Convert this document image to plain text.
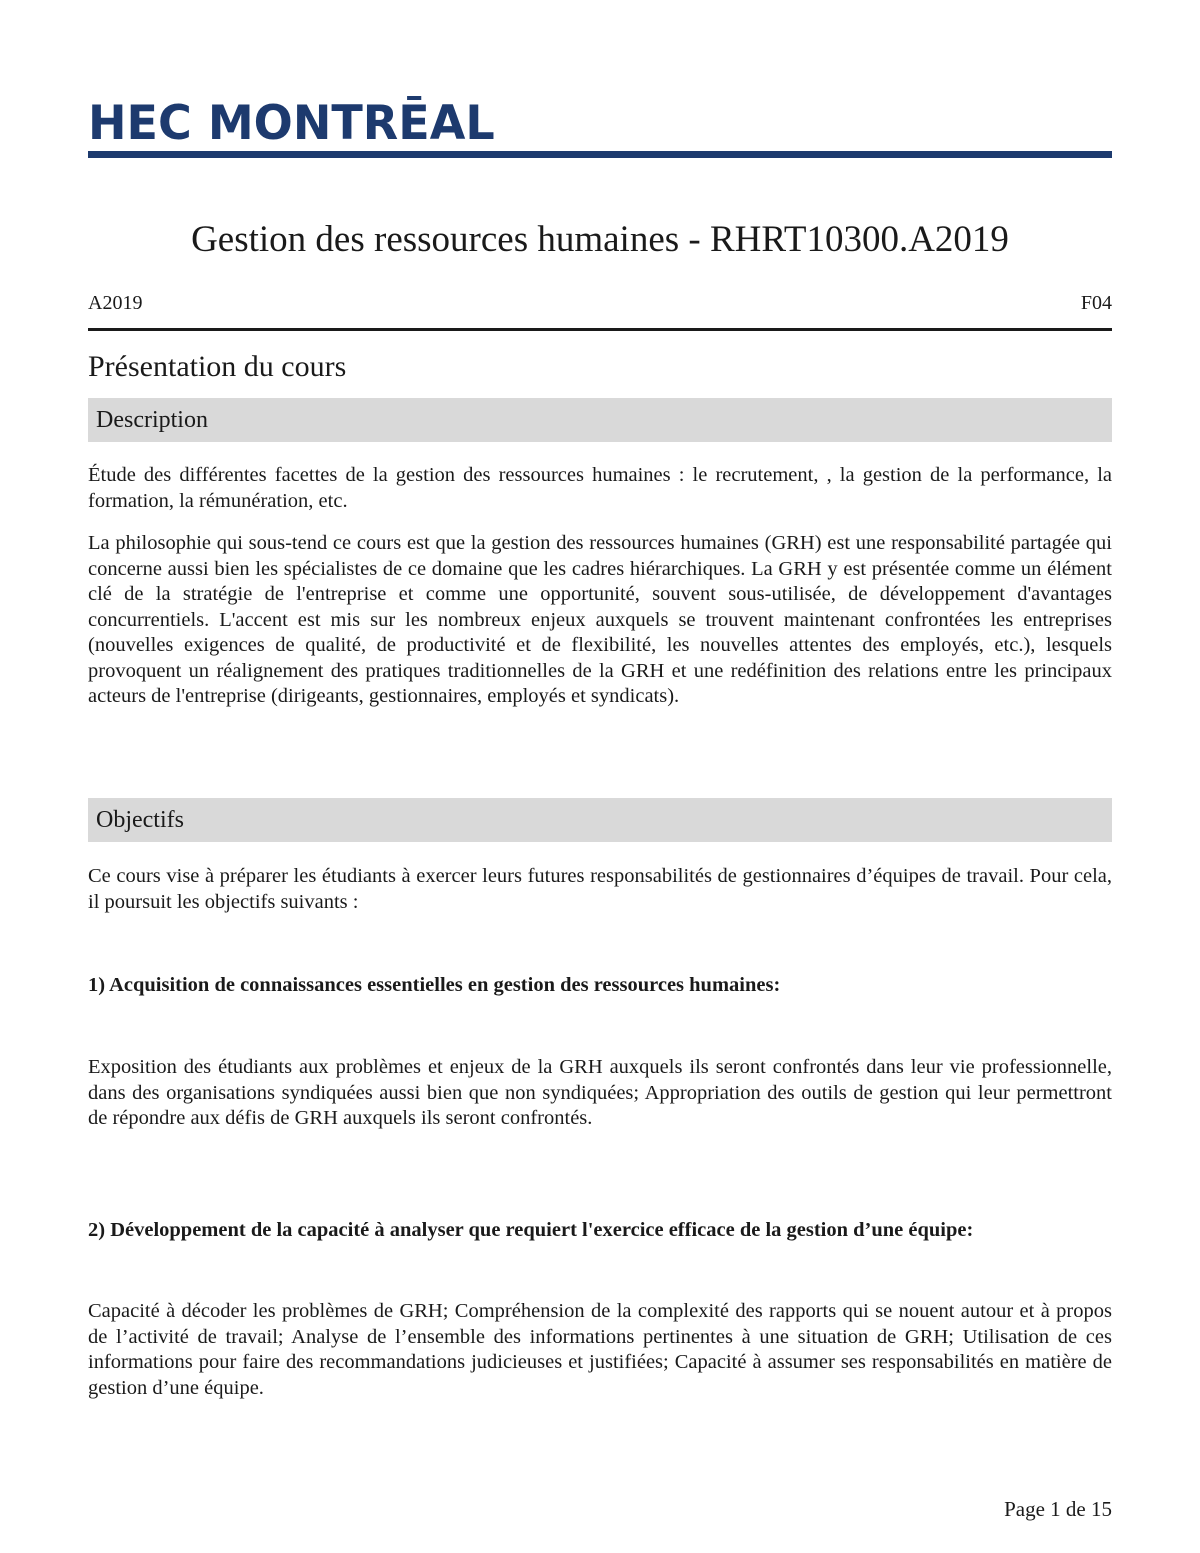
HEC MONTRĒAL
Gestion des ressources humaines - RHRT10300.A2019
A2019	F04
Présentation du cours
Description

Étude des différentes facettes de la gestion des ressources humaines : le recrutement, , la gestion de la performance, la formation, la rémunération, etc.

La philosophie qui sous-tend ce cours est que la gestion des ressources humaines (GRH) est une responsabilité partagée qui concerne aussi bien les spécialistes de ce domaine que les cadres hiérarchiques. La GRH y est présentée comme un élément clé de la stratégie de l'entreprise et comme une opportunité, souvent sous-utilisée, de développement d'avantages concurrentiels. L'accent est mis sur les nombreux enjeux auxquels se trouvent maintenant confrontées les entreprises (nouvelles exigences de qualité, de productivité et de flexibilité, les nouvelles attentes des employés, etc.), lesquels provoquent un réalignement des pratiques traditionnelles de la GRH et une redéfinition des relations entre les principaux acteurs de l'entreprise (dirigeants, gestionnaires, employés et syndicats).

Objectifs

Ce cours vise à préparer les étudiants à exercer leurs futures responsabilités de gestionnaires d’équipes de travail. Pour cela, il poursuit les objectifs suivants :

1) Acquisition de connaissances essentielles en gestion des ressources humaines:

Exposition des étudiants aux problèmes et enjeux de la GRH auxquels ils seront confrontés dans leur vie professionnelle, dans des organisations syndiquées aussi bien que non syndiquées; Appropriation des outils de gestion qui leur permettront de répondre aux défis de GRH auxquels ils seront confrontés.

2) Développement de la capacité à analyser que requiert l'exercice efficace de la gestion d’une équipe:

Capacité à décoder les problèmes de GRH; Compréhension de la complexité des rapports qui se nouent autour et à propos de l’activité de travail; Analyse de l’ensemble des informations pertinentes à une situation de GRH; Utilisation de ces informations pour faire des recommandations judicieuses et justifiées; Capacité à assumer ses responsabilités en matière de gestion d’une équipe.

Page 1 de 15
